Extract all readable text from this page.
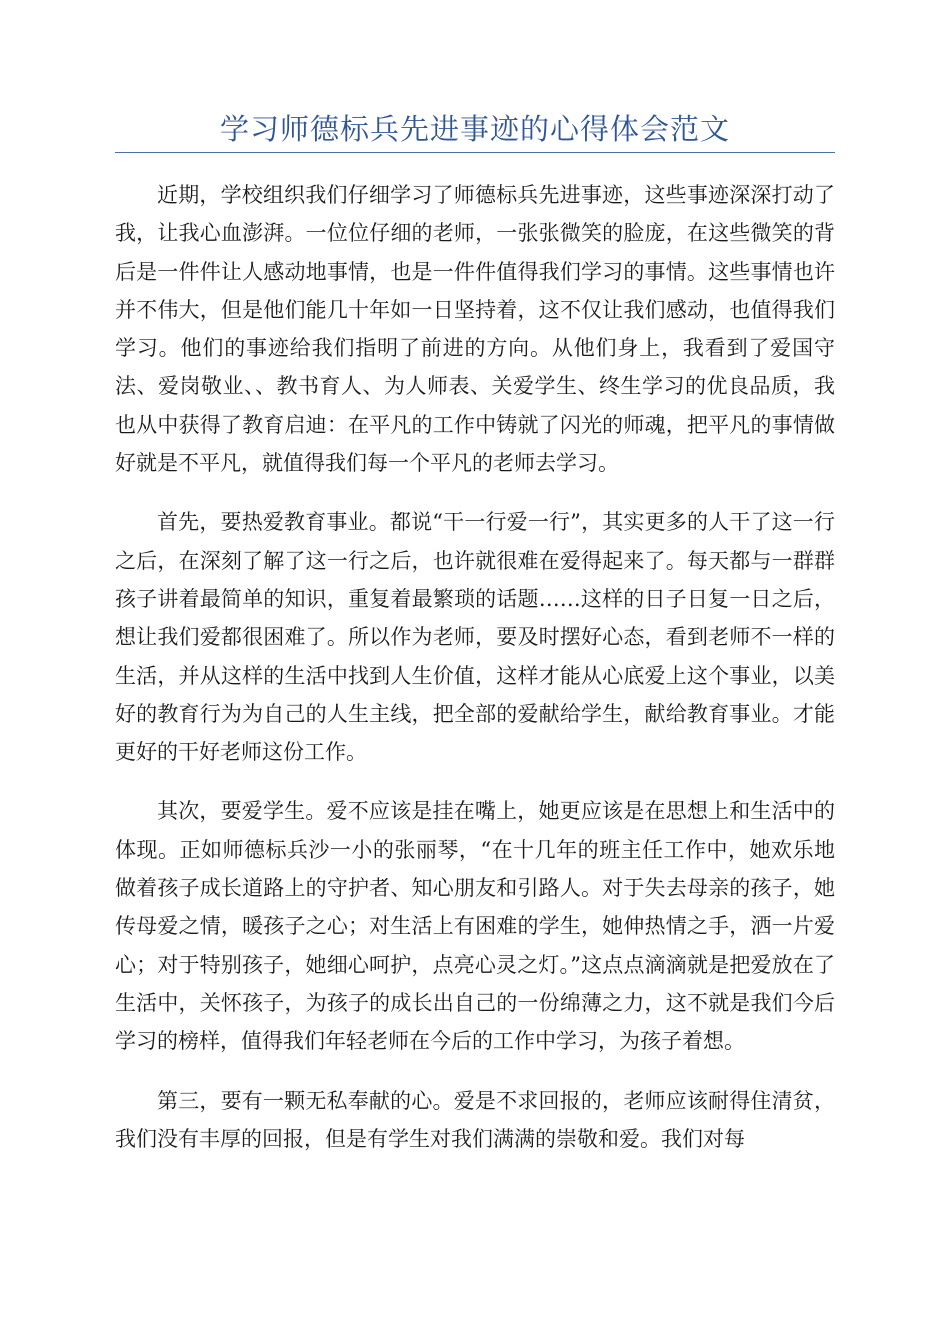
学习师德标兵先进事迹的心得体会范文

近期，学校组织我们仔细学习了师德标兵先进事迹，这些事迹深深打动了我，让我心血澎湃。一位位仔细的老师，一张张微笑的脸庞，在这些微笑的背后是一件件让人感动地事情，也是一件件值得我们学习的事情。这些事情也许并不伟大，但是他们能几十年如一日坚持着，这不仅让我们感动，也值得我们学习。他们的事迹给我们指明了前进的方向。从他们身上，我看到了爱国守法、爱岗敬业、、教书育人、为人师表、关爱学生、终生学习的优良品质，我也从中获得了教育启迪：在平凡的工作中铸就了闪光的师魂，把平凡的事情做好就是不平凡，就值得我们每一个平凡的老师去学习。

首先，要热爱教育事业。都说“干一行爱一行”，其实更多的人干了这一行之后，在深刻了解了这一行之后，也许就很难在爱得起来了。每天都与一群群孩子讲着最简单的知识，重复着最繁琐的话题……这样的日子日复一日之后，想让我们爱都很困难了。所以作为老师，要及时摆好心态，看到老师不一样的生活，并从这样的生活中找到人生价值，这样才能从心底爱上这个事业，以美好的教育行为为自己的人生主线，把全部的爱献给学生，献给教育事业。才能更好的干好老师这份工作。

其次，要爱学生。爱不应该是挂在嘴上，她更应该是在思想上和生活中的体现。正如师德标兵沙一小的张丽琴，“在十几年的班主任工作中，她欢乐地做着孩子成长道路上的守护者、知心朋友和引路人。对于失去母亲的孩子，她传母爱之情，暖孩子之心；对生活上有困难的学生，她伸热情之手，洒一片爱心；对于特别孩子，她细心呵护，点亮心灵之灯。”这点点滴滴就是把爱放在了生活中，关怀孩子，为孩子的成长出自己的一份绵薄之力，这不就是我们今后学习的榜样，值得我们年轻老师在今后的工作中学习，为孩子着想。

第三，要有一颗无私奉献的心。爱是不求回报的，老师应该耐得住清贫，我们没有丰厚的回报，但是有学生对我们满满的崇敬和爱。我们对每
